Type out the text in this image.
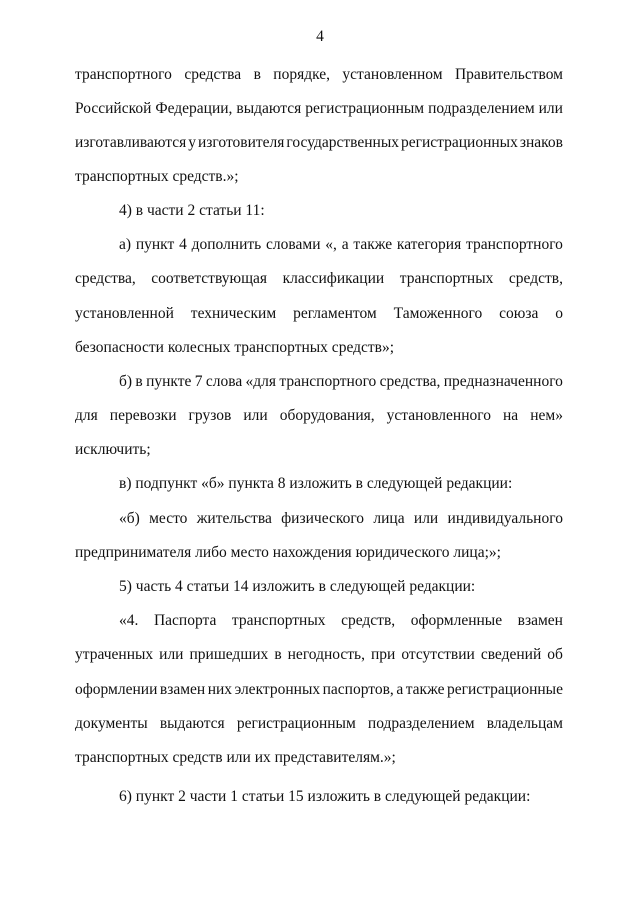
4
транспортного средства в порядке, установленном Правительством
Российской Федерации, выдаются регистрационным подразделением или
изготавливаются у изготовителя государственных регистрационных знаков
транспортных средств.»;
4) в части 2 статьи 11:
а) пункт 4 дополнить словами «, а также категория транспортного
средства, соответствующая классификации транспортных средств,
установленной техническим регламентом Таможенного союза о
безопасности колесных транспортных средств»;
б) в пункте 7 слова «для транспортного средства, предназначенного
для перевозки грузов или оборудования, установленного на нем»
исключить;
в) подпункт «б» пункта 8 изложить в следующей редакции:
«б) место жительства физического лица или индивидуального
предпринимателя либо место нахождения юридического лица;»;
5) часть 4 статьи 14 изложить в следующей редакции:
«4. Паспорта транспортных средств, оформленные взамен
утраченных или пришедших в негодность, при отсутствии сведений об
оформлении взамен них электронных паспортов, а также регистрационные
документы выдаются регистрационным подразделением владельцам
транспортных средств или их представителям.»;
6) пункт 2 части 1 статьи 15 изложить в следующей редакции:
